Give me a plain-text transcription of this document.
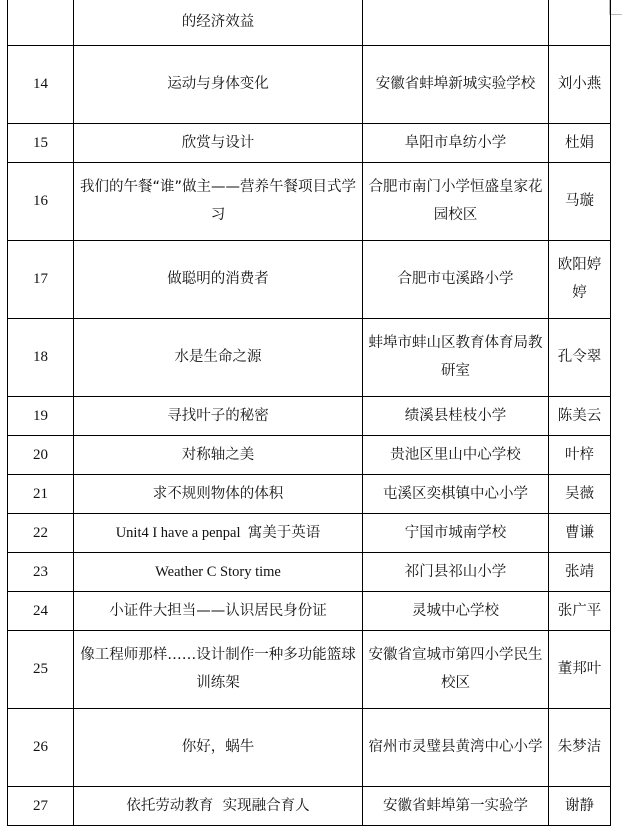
	的经济效益		
14	运动与身体变化	安徽省蚌埠新城实验学校	刘小燕
15	欣赏与设计	阜阳市阜纺小学	杜娟
16	我们的午餐“谁”做主——营养午餐项目式学习	合肥市南门小学恒盛皇家花园校区	马璇
17	做聪明的消费者	合肥市屯溪路小学	欧阳婷婷
18	水是生命之源	蚌埠市蚌山区教育体育局教研室	孔令翠
19	寻找叶子的秘密	绩溪县桂枝小学	陈美云
20	对称轴之美	贵池区里山中心学校	叶梓
21	求不规则物体的体积	屯溪区奕棋镇中心小学	吴薇
22	Unit4 I have a penpal  寓美于英语	宁国市城南学校	曹谦
23	Weather C Story time	祁门县祁山小学	张靖
24	小证件大担当——认识居民身份证	灵城中心学校	张广平
25	像工程师那样……设计制作一种多功能篮球训练架	安徽省宣城市第四小学民生校区	董邦叶
26	你好，蜗牛	宿州市灵璧县黄湾中心小学	朱梦洁
27	依托劳动教育  实现融合育人	安徽省蚌埠第一实验学	谢静
